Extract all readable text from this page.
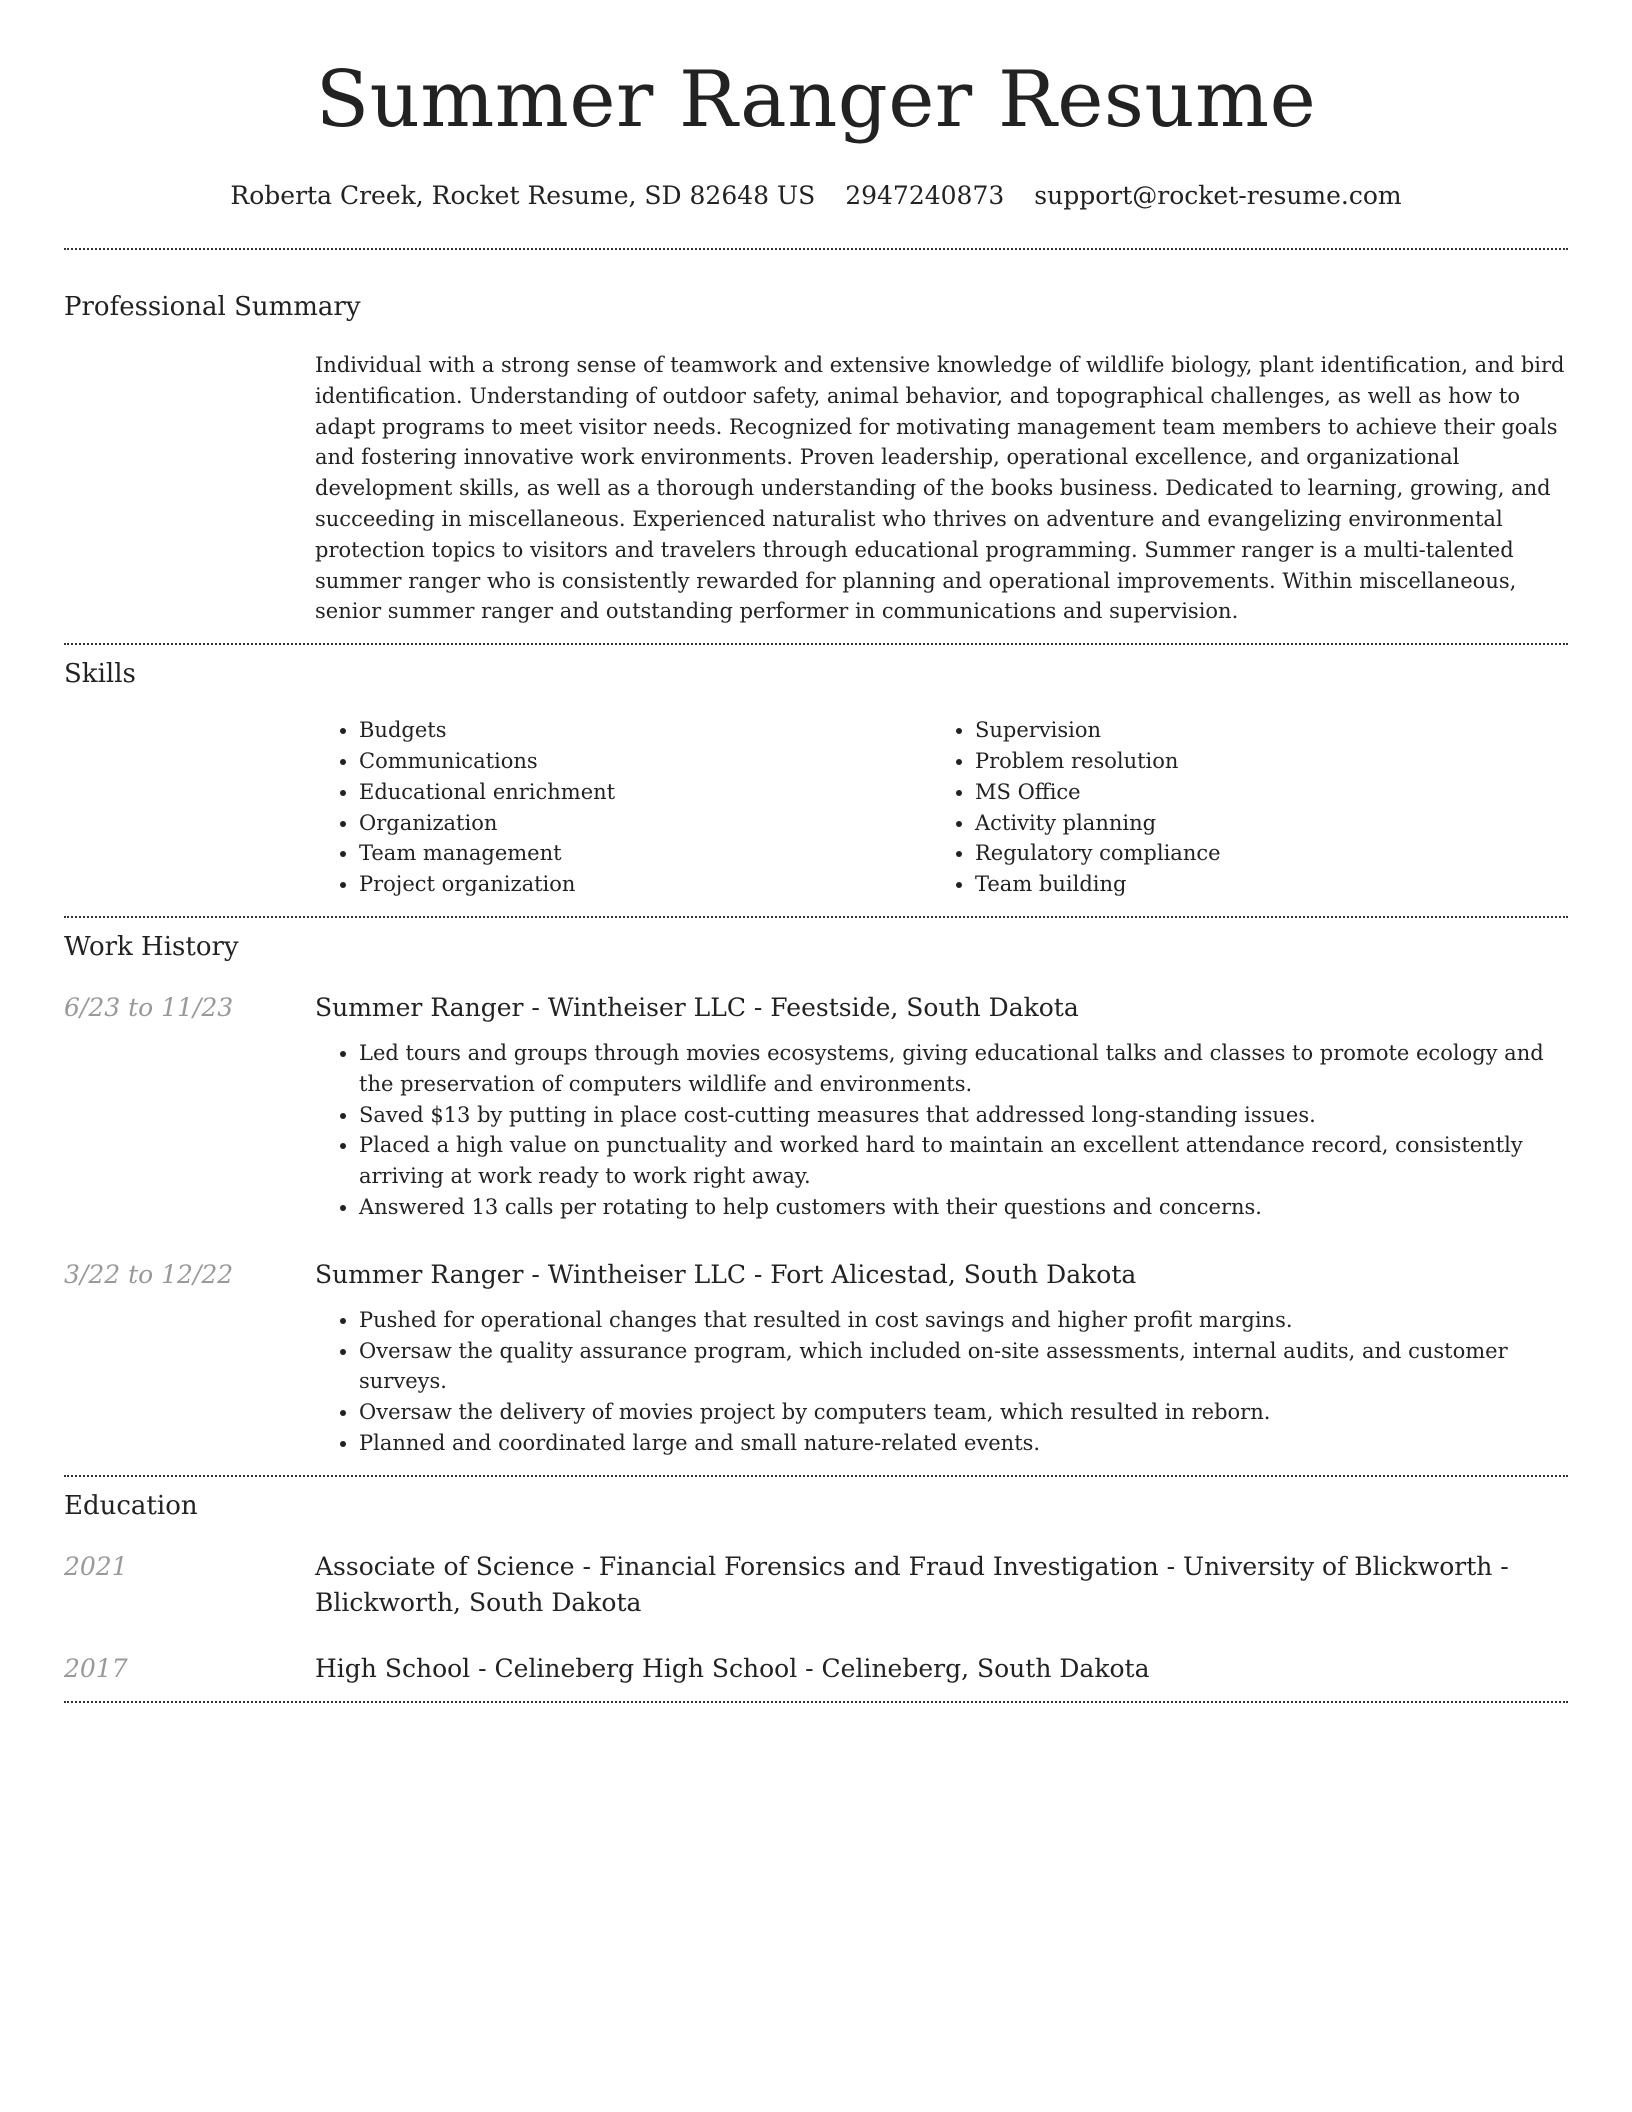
Summer Ranger Resume
Roberta Creek, Rocket Resume, SD 82648 US 2947240873 support@rocket-resume.com
Professional Summary

Individual with a strong sense of teamwork and extensive knowledge of wildlife biology, plant identification, and bird identification. Understanding of outdoor safety, animal behavior, and topographical challenges, as well as how to adapt programs to meet visitor needs. Recognized for motivating management team members to achieve their goals and fostering innovative work environments. Proven leadership, operational excellence, and organizational development skills, as well as a thorough understanding of the books business. Dedicated to learning, growing, and succeeding in miscellaneous. Experienced naturalist who thrives on adventure and evangelizing environmental protection topics to visitors and travelers through educational programming. Summer ranger is a multi-talented summer ranger who is consistently rewarded for planning and operational improvements. Within miscellaneous, senior summer ranger and outstanding performer in communications and supervision.

Skills
• Budgets
• Communications
• Educational enrichment
• Organization
• Team management
• Project organization
• Supervision
• Problem resolution
• MS Office
• Activity planning
• Regulatory compliance
• Team building
Work History
6/23 to 11/23	Summer Ranger - Wintheiser LLC - Feestside, South Dakota
• Led tours and groups through movies ecosystems, giving educational talks and classes to promote ecology and the preservation of computers wildlife and environments.
• Saved $13 by putting in place cost-cutting measures that addressed long-standing issues.
• Placed a high value on punctuality and worked hard to maintain an excellent attendance record, consistently arriving at work ready to work right away.
• Answered 13 calls per rotating to help customers with their questions and concerns.
3/22 to 12/22	Summer Ranger - Wintheiser LLC - Fort Alicestad, South Dakota
• Pushed for operational changes that resulted in cost savings and higher profit margins.
• Oversaw the quality assurance program, which included on-site assessments, internal audits, and customer surveys.
• Oversaw the delivery of movies project by computers team, which resulted in reborn.
• Planned and coordinated large and small nature-related events.
Education
2021	Associate of Science - Financial Forensics and Fraud Investigation - University of Blickworth - Blickworth, South Dakota
2017	High School - Celineberg High School - Celineberg, South Dakota
